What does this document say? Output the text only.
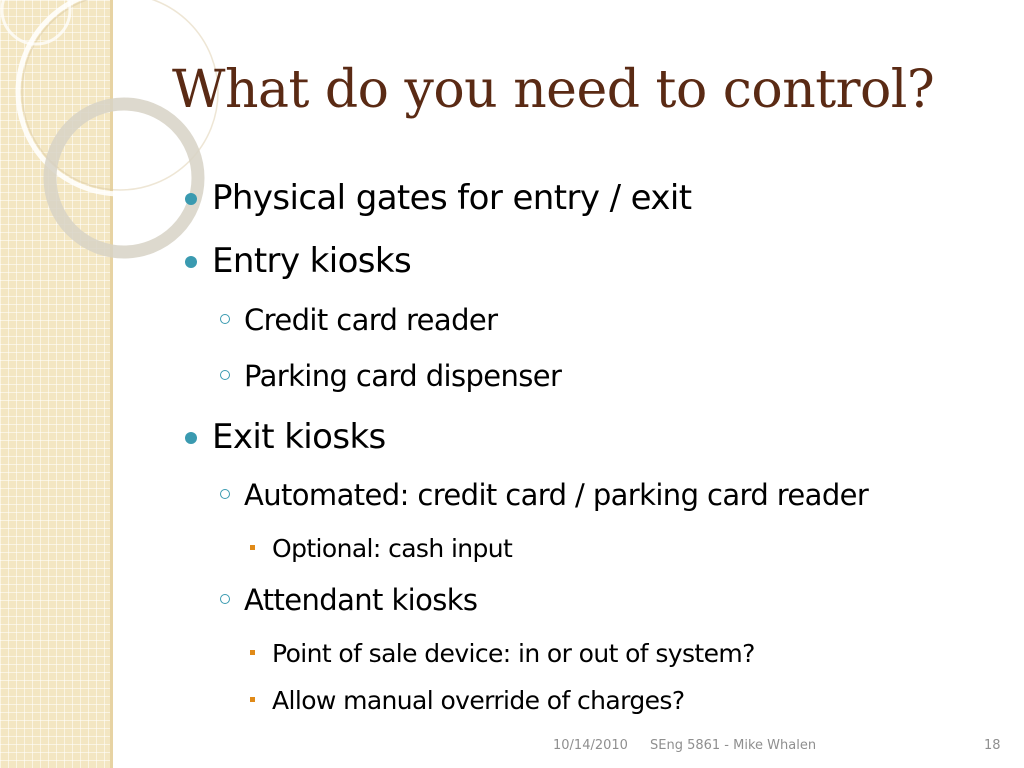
What do you need to control?
Physical gates for entry / exit
Entry kiosks
Credit card reader
Parking card dispenser
Exit kiosks
Automated: credit card / parking card reader
Optional: cash input
Attendant kiosks
Point of sale device: in or out of system?
Allow manual override of charges?
10/14/2010 SEng 5861 - Mike Whalen	18
